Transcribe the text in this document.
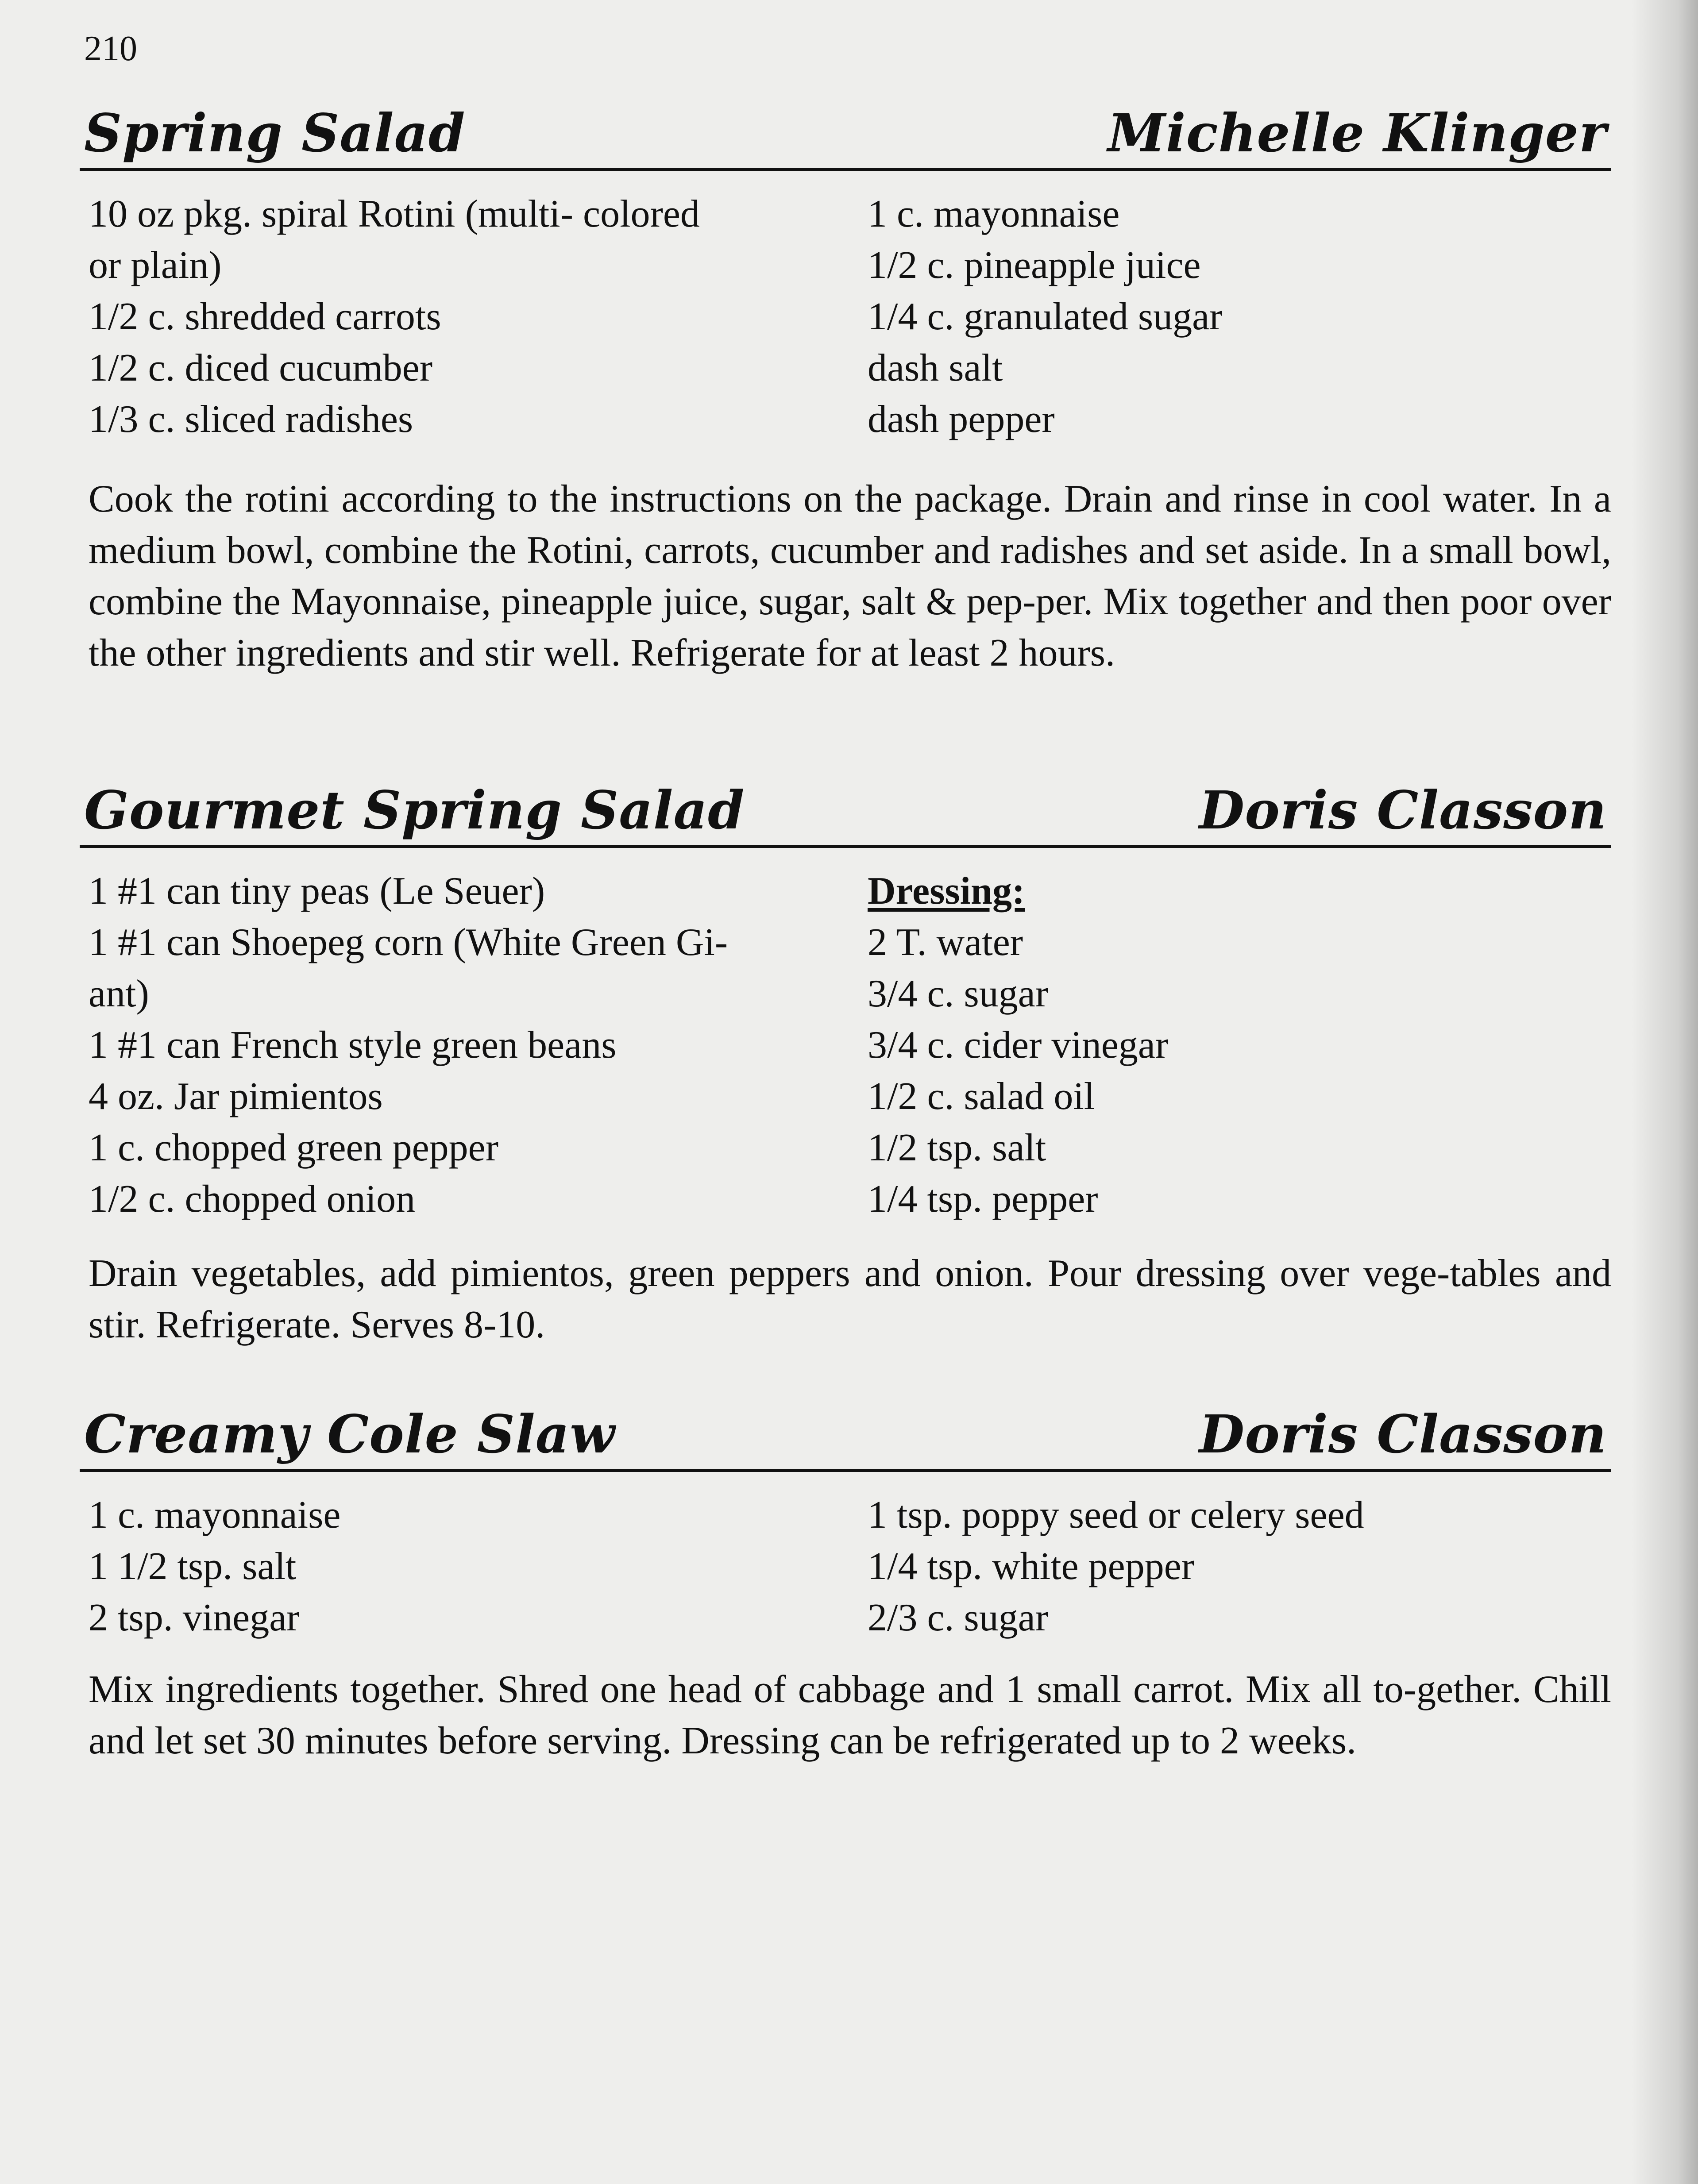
210
Spring Salad	Michelle Klinger
10 oz pkg. spiral Rotini (multi- colored
or plain)
1/2 c. shredded carrots
1/2 c. diced cucumber
1/3 c. sliced radishes
1 c. mayonnaise
1/2 c. pineapple juice
1/4 c. granulated sugar
dash salt
dash pepper

Cook the rotini according to the instructions on the package. Drain and rinse in cool water. In a medium bowl, combine the Rotini, carrots, cucumber and radishes and set aside. In a small bowl, combine the Mayonnaise, pineapple juice, sugar, salt & pep-per. Mix together and then poor over the other ingredients and stir well. Refrigerate for at least 2 hours.

Gourmet Spring Salad	Doris Classon
1 #1 can tiny peas (Le Seuer)
1 #1 can Shoepeg corn (White Green Gi-
ant)
1 #1 can French style green beans
4 oz. Jar pimientos
1 c. chopped green pepper
1/2 c. chopped onion
Dressing:
2 T. water
3/4 c. sugar
3/4 c. cider vinegar
1/2 c. salad oil
1/2 tsp. salt
1/4 tsp. pepper

Drain vegetables, add pimientos, green peppers and onion. Pour dressing over vege-tables and stir. Refrigerate. Serves 8-10.

Creamy Cole Slaw	Doris Classon
1 c. mayonnaise
1 1/2 tsp. salt
2 tsp. vinegar
1 tsp. poppy seed or celery seed
1/4 tsp. white pepper
2/3 c. sugar

Mix ingredients together. Shred one head of cabbage and 1 small carrot. Mix all to-gether. Chill and let set 30 minutes before serving. Dressing can be refrigerated up to 2 weeks.
